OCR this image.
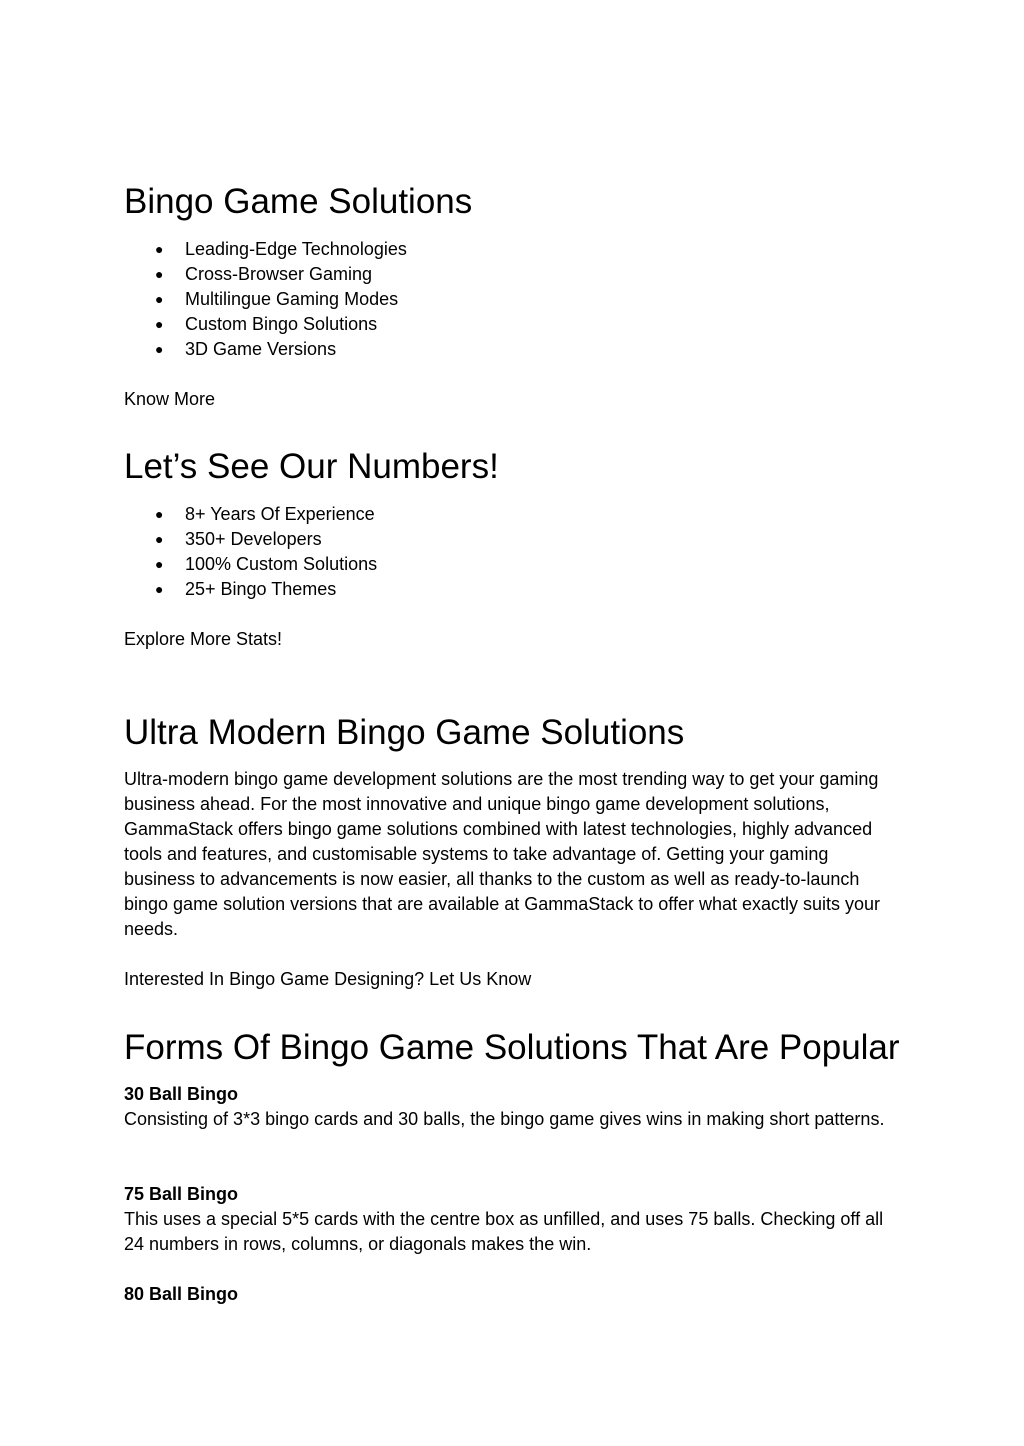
Bingo Game Solutions
● Leading-Edge Technologies
● Cross-Browser Gaming
● Multilingue Gaming Modes
● Custom Bingo Solutions
● 3D Game Versions

Know More

Let’s See Our Numbers!
● 8+ Years Of Experience
● 350+ Developers
● 100% Custom Solutions
● 25+ Bingo Themes

Explore More Stats!

Ultra Modern Bingo Game Solutions

Ultra-modern bingo game development solutions are the most trending way to get your gaming business ahead. For the most innovative and unique bingo game development solutions, GammaStack offers bingo game solutions combined with latest technologies, highly advanced tools and features, and customisable systems to take advantage of. Getting your gaming business to advancements is now easier, all thanks to the custom as well as ready-to-launch bingo game solution versions that are available at GammaStack to offer what exactly suits your needs.

Interested In Bingo Game Designing? Let Us Know

Forms Of Bingo Game Solutions That Are Popular

30 Ball Bingo
Consisting of 3*3 bingo cards and 30 balls, the bingo game gives wins in making short patterns.

75 Ball Bingo
This uses a special 5*5 cards with the centre box as unfilled, and uses 75 balls. Checking off all 24 numbers in rows, columns, or diagonals makes the win.

80 Ball Bingo
